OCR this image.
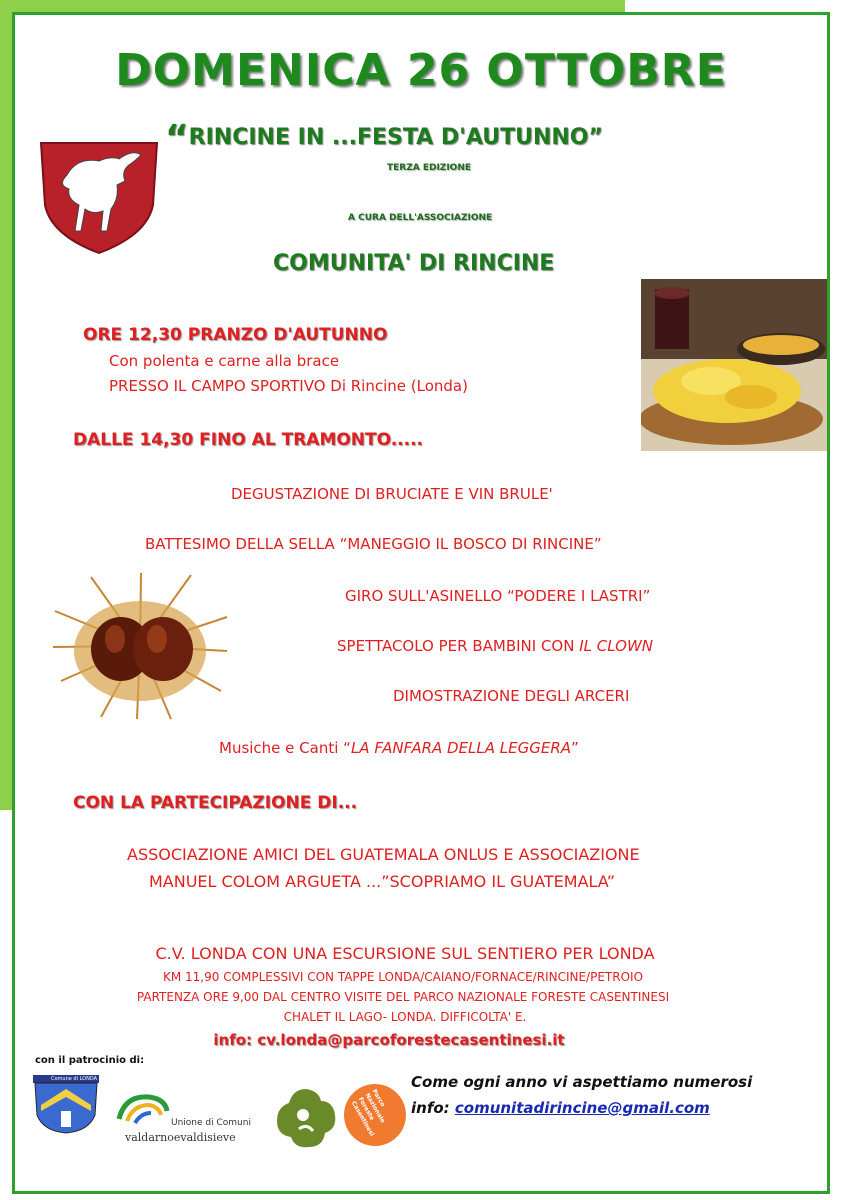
DOMENICA 26 OTTOBRE
“RINCINE IN ...FESTA D'AUTUNNO”
TERZA EDIZIONE
A CURA DELL'ASSOCIAZIONE
COMUNITA' DI RINCINE
ORE 12,30 PRANZO D'AUTUNNO
Con polenta e carne alla brace
PRESSO IL CAMPO SPORTIVO Di Rincine (Londa)
DALLE 14,30 FINO AL TRAMONTO.....
DEGUSTAZIONE DI BRUCIATE E VIN BRULE'
BATTESIMO DELLA SELLA “MANEGGIO IL BOSCO DI RINCINE”
GIRO SULL'ASINELLO “PODERE I LASTRI”
SPETTACOLO PER BAMBINI CON IL CLOWN
DIMOSTRAZIONE DEGLI ARCERI
Musiche e Canti “LA FANFARA DELLA LEGGERA”
CON LA PARTECIPAZIONE DI...
ASSOCIAZIONE AMICI DEL GUATEMALA ONLUS E ASSOCIAZIONE
MANUEL COLOM ARGUETA ...”SCOPRIAMO IL GUATEMALA”
C.V. LONDA CON UNA ESCURSIONE SUL SENTIERO PER LONDA
KM 11,90 COMPLESSIVI CON TAPPE LONDA/CAIANO/FORNACE/RINCINE/PETROIO
PARTENZA ORE 9,00 DAL CENTRO VISITE DEL PARCO NAZIONALE FORESTE CASENTINESI
CHALET IL LAGO- LONDA. DIFFICOLTA' E.
info: cv.londa@parcoforestecasentinesi.it
con il patrocinio di:
Comune di LONDA
Unione di Comuni
valdarnoevaldisieve
Parco Nazionale Foreste Casentinesi
Come ogni anno vi aspettiamo numerosi
info: comunitadirincine@gmail.com
